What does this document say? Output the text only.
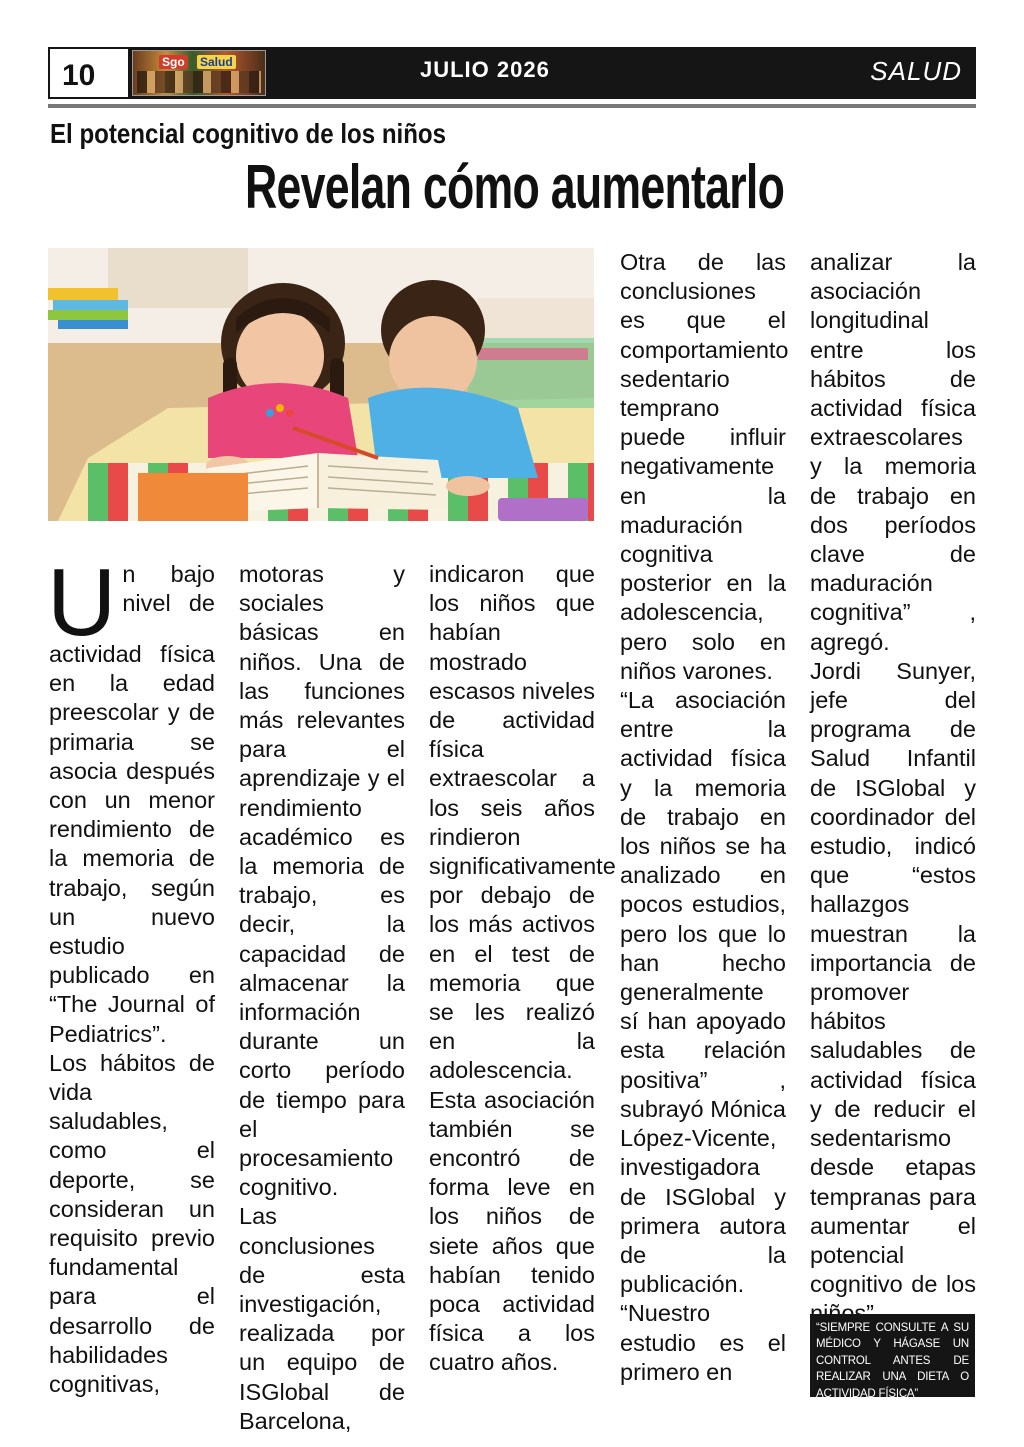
10	Sgo Salud	JULIO 2026	SALUD
El potencial cognitivo de los niños
Revelan cómo aumentarlo
U n bajo nivel de actividad física en la edad preescolar y de primaria se asocia después con un menor rendimiento de la memoria de trabajo, según un nuevo estudio publicado en “The Journal of Pediatrics”.

Los hábitos de vida saludables, como el deporte, se consideran un requisito previo fundamental para el desarrollo de habilidades cognitivas,

motoras y sociales básicas en niños. Una de las funciones más relevantes para el aprendizaje y el rendimiento académico es la memoria de trabajo, es decir, la capacidad de almacenar la información durante un corto período de tiempo para el procesamiento cognitivo.

Las conclusiones de esta investigación, realizada por un equipo de ISGlobal de Barcelona,

indicaron que los niños que habían mostrado escasos niveles de actividad física extraescolar a los seis años rindieron significativamente por debajo de los más activos en el test de memoria que se les realizó en la adolescencia.

Esta asociación también se encontró de forma leve en los niños de siete años que habían tenido poca actividad física a los cuatro años.

Otra de las conclusiones es que el comportamiento sedentario temprano puede influir negativamente en la maduración cognitiva posterior en la adolescencia, pero solo en niños varones.

“La asociación entre la actividad física y la memoria de trabajo en los niños se ha analizado en pocos estudios, pero los que lo han hecho generalmente sí han apoyado esta relación positiva” , subrayó Mónica López-Vicente, investigadora de ISGlobal y primera autora de la publicación. “Nuestro estudio es el primero en

analizar la asociación longitudinal entre los hábitos de actividad física extraescolares y la memoria de trabajo en dos períodos clave de maduración cognitiva” , agregó.

Jordi Sunyer, jefe del programa de Salud Infantil de ISGlobal y coordinador del estudio, indicó que “estos hallazgos muestran la importancia de promover hábitos saludables de actividad física y de reducir el sedentarismo desde etapas tempranas para aumentar el potencial cognitivo de los

“SIEMPRE CONSULTE A SU MÉDICO Y HÁGASE UN CONTROL ANTES DE REALIZAR UNA DIETA O ACTIVIDAD FÍSICA”
